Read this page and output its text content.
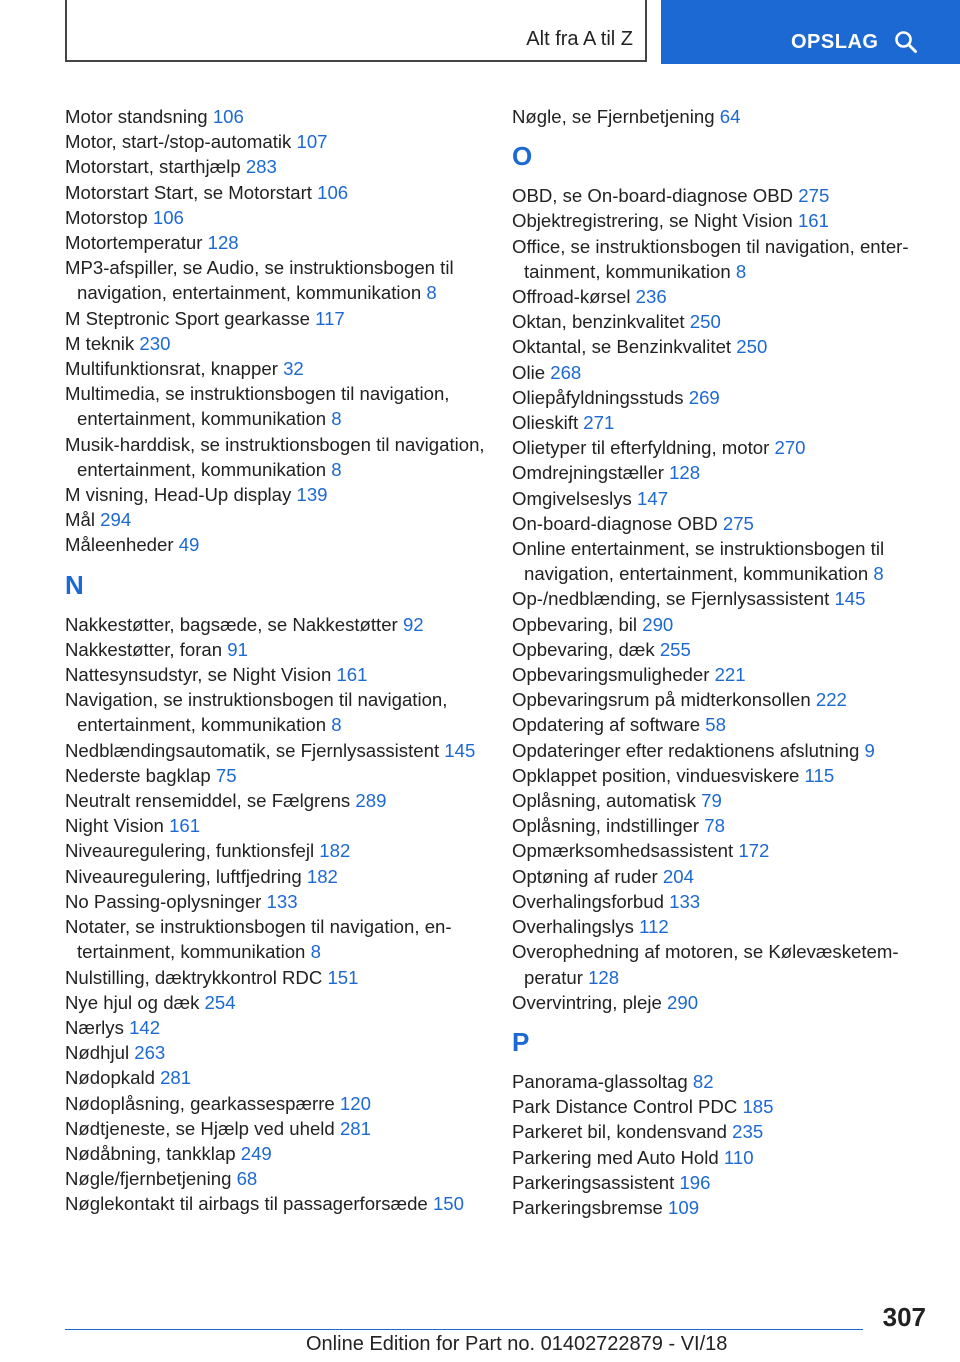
Alt fra A til Z	OPSLAG
Motor standsning 106
Motor, start-/stop-automatik 107
Motorstart, starthjælp 283
Motorstart Start, se Motorstart 106
Motorstop 106
Motortemperatur 128
MP3-afspiller, se Audio, se instruktionsbogen til navigation, entertainment, kommunikation 8
M Steptronic Sport gearkasse 117
M teknik 230
Multifunktionsrat, knapper 32
Multimedia, se instruktionsbogen til navigation, entertainment, kommunikation 8
Musik-harddisk, se instruktionsbogen til navigation, entertainment, kommunikation 8
M visning, Head-Up display 139
Mål 294
Måleenheder 49
N
Nakkestøtter, bagsæde, se Nakkestøtter 92
Nakkestøtter, foran 91
Nattesynsudstyr, se Night Vision 161
Navigation, se instruktionsbogen til navigation, entertainment, kommunikation 8
Nedblændingsautomatik, se Fjernlysassistent 145
Nederste bagklap 75
Neutralt rensemiddel, se Fælgrens 289
Night Vision 161
Niveauregulering, funktionsfejl 182
Niveauregulering, luftfjedring 182
No Passing-oplysninger 133
Notater, se instruktionsbogen til navigation, entertainment, kommunikation 8
Nulstilling, dæktrykkontrol RDC 151
Nye hjul og dæk 254
Nærlys 142
Nødhjul 263
Nødopkald 281
Nødoplåsning, gearkassespærre 120
Nødtjeneste, se Hjælp ved uheld 281
Nødåbning, tankklap 249
Nøgle/fjernbetjening 68
Nøglekontakt til airbags til passagerforsæde 150
Nøgle, se Fjernbetjening 64
O
OBD, se On-board-diagnose OBD 275
Objektregistrering, se Night Vision 161
Office, se instruktionsbogen til navigation, entertainment, kommunikation 8
Offroad-kørsel 236
Oktan, benzinkvalitet 250
Oktantal, se Benzinkvalitet 250
Olie 268
Oliepåfyldningsstuds 269
Olieskift 271
Olietyper til efterfyldning, motor 270
Omdrejningstæller 128
Omgivelseslys 147
On-board-diagnose OBD 275
Online entertainment, se instruktionsbogen til navigation, entertainment, kommunikation 8
Op-/nedblænding, se Fjernlysassistent 145
Opbevaring, bil 290
Opbevaring, dæk 255
Opbevaringsmuligheder 221
Opbevaringsrum på midterkonsollen 222
Opdatering af software 58
Opdateringer efter redaktionens afslutning 9
Opklappet position, vinduesviskere 115
Oplåsning, automatisk 79
Oplåsning, indstillinger 78
Opmærksomhedsassistent 172
Optøning af ruder 204
Overhalingsforbud 133
Overhalingslys 112
Overophedning af motoren, se Kølevæsketemperatur 128
Overvintring, pleje 290
P
Panorama-glassoltag 82
Park Distance Control PDC 185
Parkeret bil, kondensvand 235
Parkering med Auto Hold 110
Parkeringsassistent 196
Parkeringsbremse 109
307
Online Edition for Part no. 01402722879 - VI/18
